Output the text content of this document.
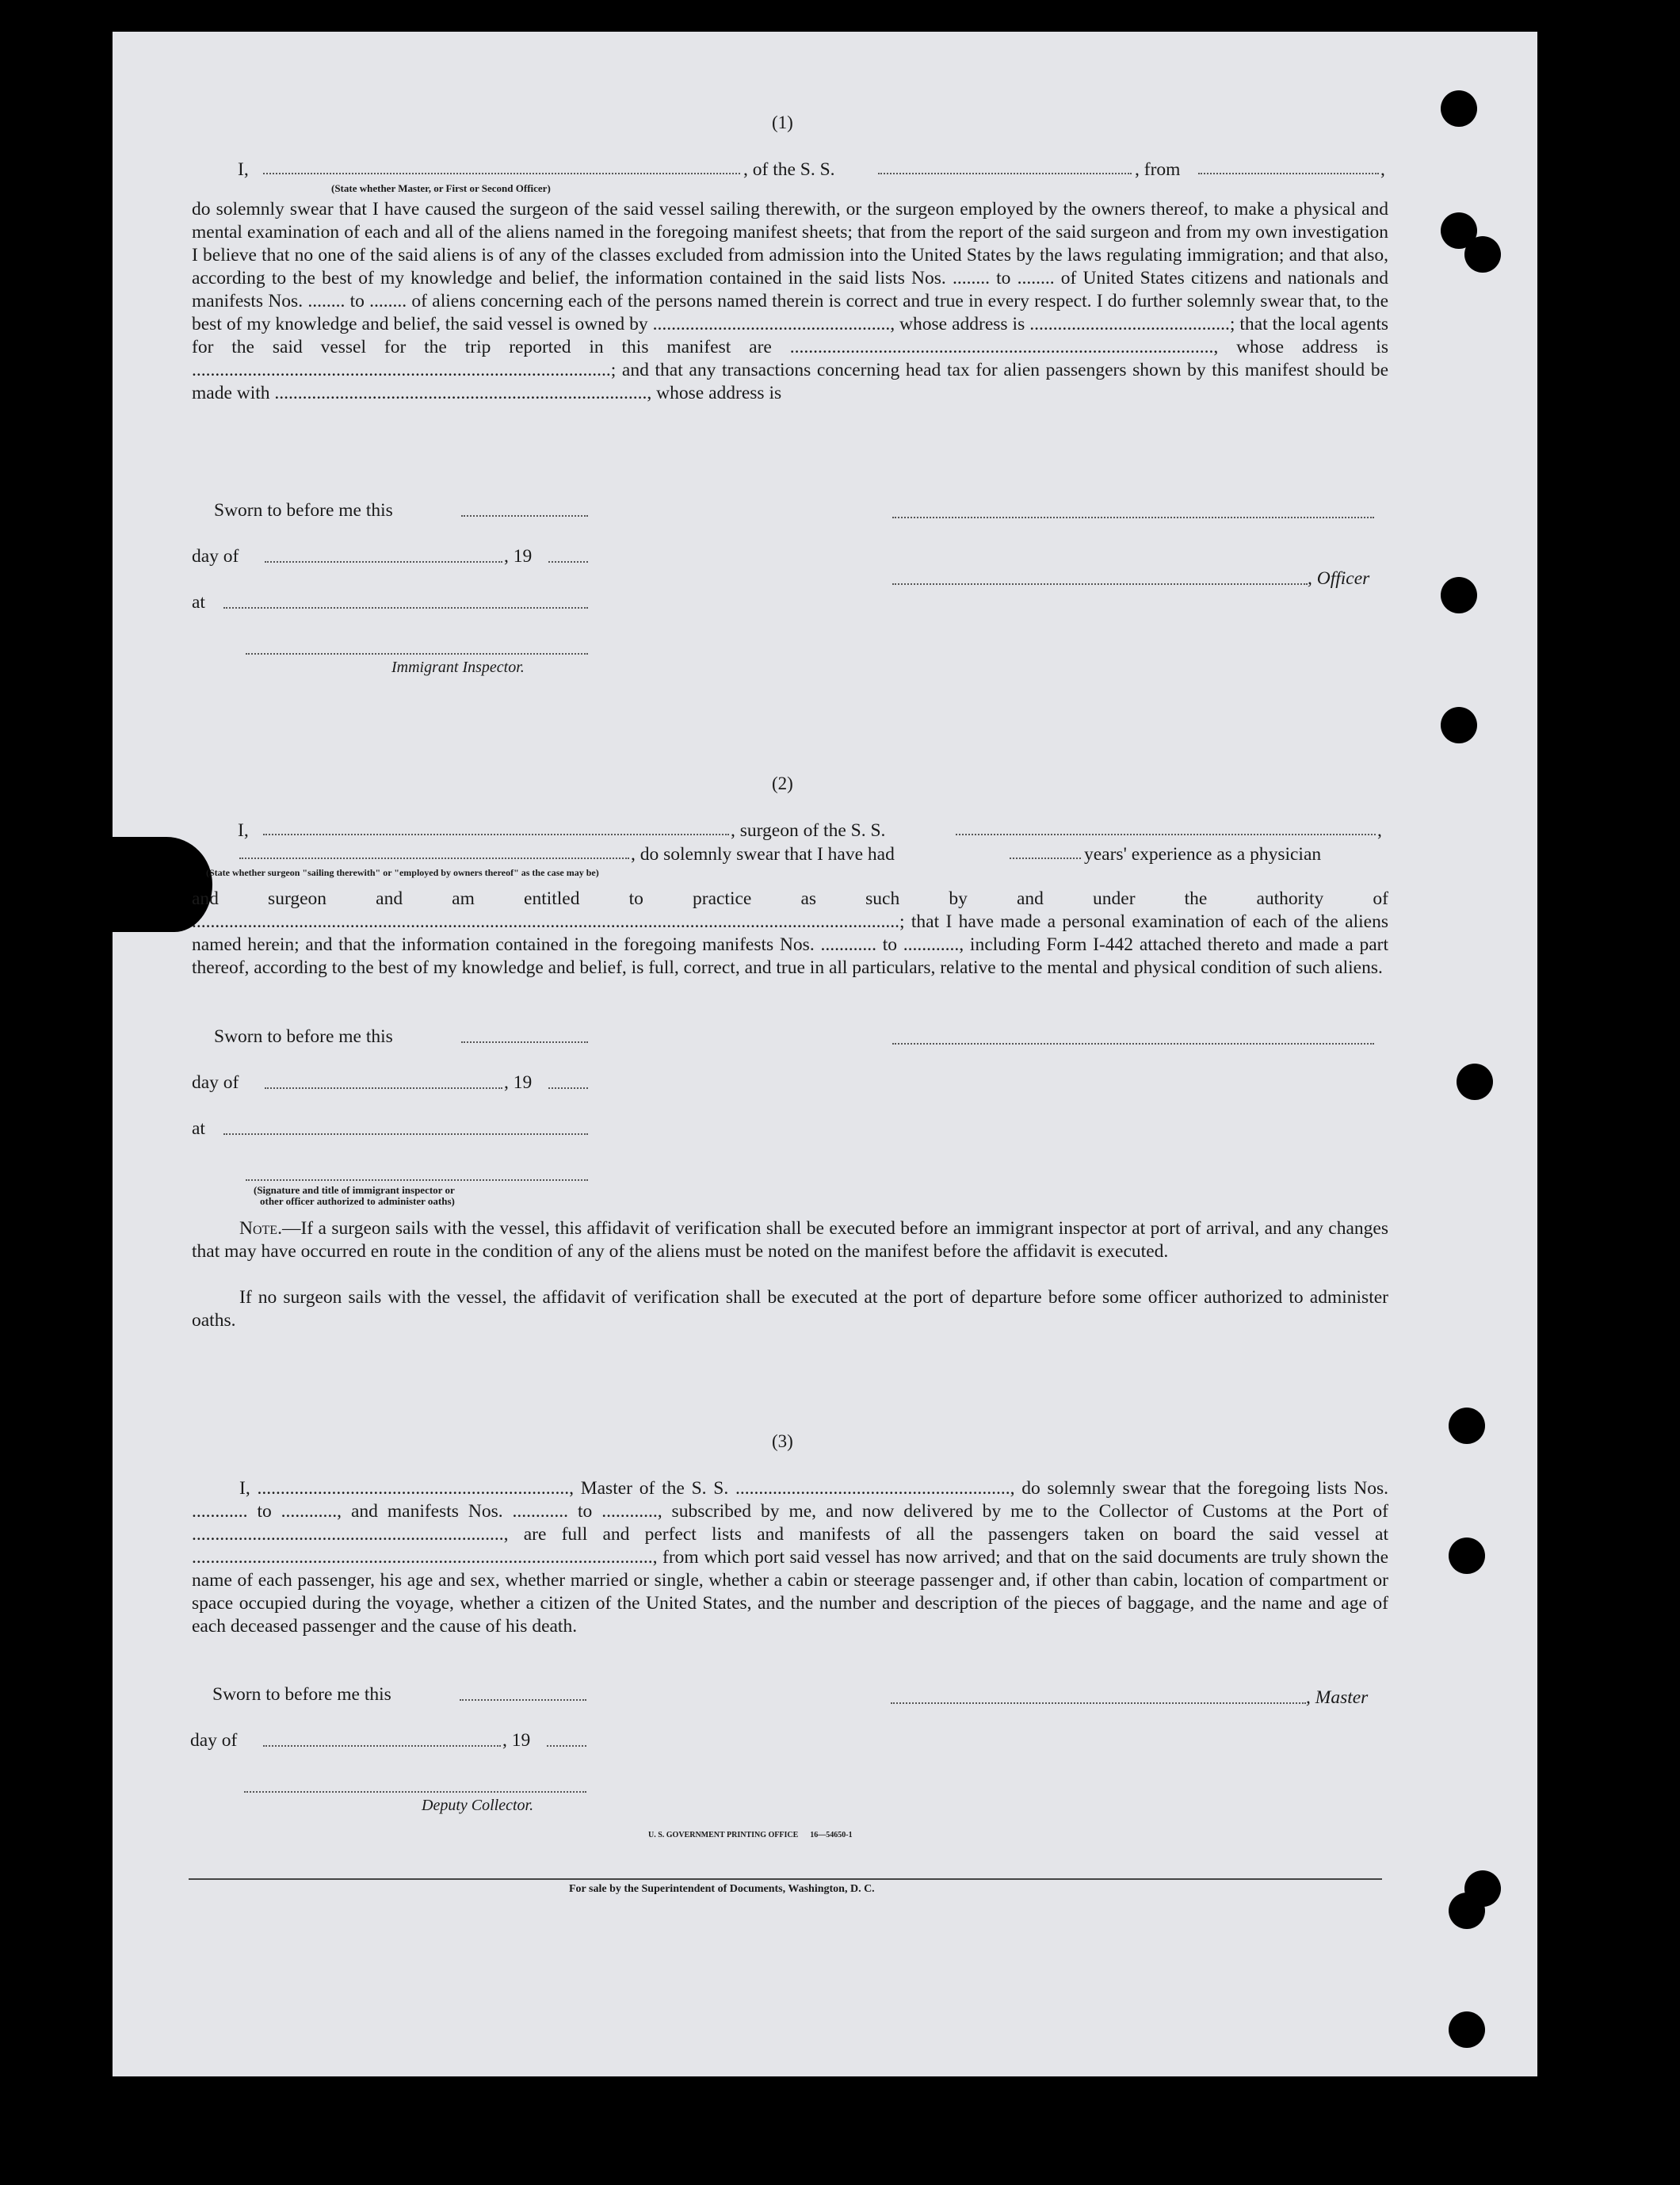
(1)
I,	, of the S. S.	, from	,
(State whether Master, or First or Second Officer)
do solemnly swear that I have caused the surgeon of the said vessel sailing therewith, or the surgeon employed by the owners thereof, to make a physical and mental examination of each and all of the aliens named in the foregoing manifest sheets; that from the report of the said surgeon and from my own investigation I believe that no one of the said aliens is of any of the classes excluded from admission into the United States by the laws regulating immigration; and that also, according to the best of my knowledge and belief, the information contained in the said lists Nos. ........ to ........ of United States citizens and nationals and manifests Nos. ........ to ........ of aliens concerning each of the persons named therein is correct and true in every respect. I do further solemnly swear that, to the best of my knowledge and belief, the said vessel is owned by ..................................................., whose address is ...........................................; that the local agents for the said vessel for the trip reported in this manifest are ..........................................................................................., whose address is ..........................................................................................; and that any transactions concerning head tax for alien passengers shown by this manifest should be made with ................................................................................, whose address is
Sworn to before me this
day of	, 19
at
Immigrant Inspector.
, Officer
(2)
I,	, surgeon of the S. S.	,
, do solemnly swear that I have had	years' experience as a physician
(State whether surgeon "sailing therewith" or "employed by owners thereof" as the case may be)
and surgeon and am entitled to practice as such by and under the authority of ........................................................................................................................................................; that I have made a personal examination of each of the aliens named herein; and that the information contained in the foregoing manifests Nos. ............ to ............, including Form I-442 attached thereto and made a part thereof, according to the best of my knowledge and belief, is full, correct, and true in all particulars, relative to the mental and physical condition of such aliens.
Sworn to before me this
day of	, 19
at
(Signature and title of immigrant inspector or
other officer authorized to administer oaths)
Note.—If a surgeon sails with the vessel, this affidavit of verification shall be executed before an immigrant inspector at port of arrival, and any changes that may have occurred en route in the condition of any of the aliens must be noted on the manifest before the affidavit is executed.
If no surgeon sails with the vessel, the affidavit of verification shall be executed at the port of departure before some officer authorized to administer oaths.
(3)
I, ..................................................................., Master of the S. S. ..........................................................., do solemnly swear that the foregoing lists Nos. ............ to ............, and manifests Nos. ............ to ............, subscribed by me, and now delivered by me to the Collector of Customs at the Port of ..................................................................., are full and perfect lists and manifests of all the passengers taken on board the said vessel at ..................................................................................................., from which port said vessel has now arrived; and that on the said documents are truly shown the name of each passenger, his age and sex, whether married or single, whether a cabin or steerage passenger and, if other than cabin, location of compartment or space occupied during the voyage, whether a citizen of the United States, and the number and description of the pieces of baggage, and the name and age of each deceased passenger and the cause of his death.
Sworn to before me this
day of	, 19
Deputy Collector.
, Master
U. S. GOVERNMENT PRINTING OFFICE      16—54650-1
For sale by the Superintendent of Documents, Washington, D. C.
